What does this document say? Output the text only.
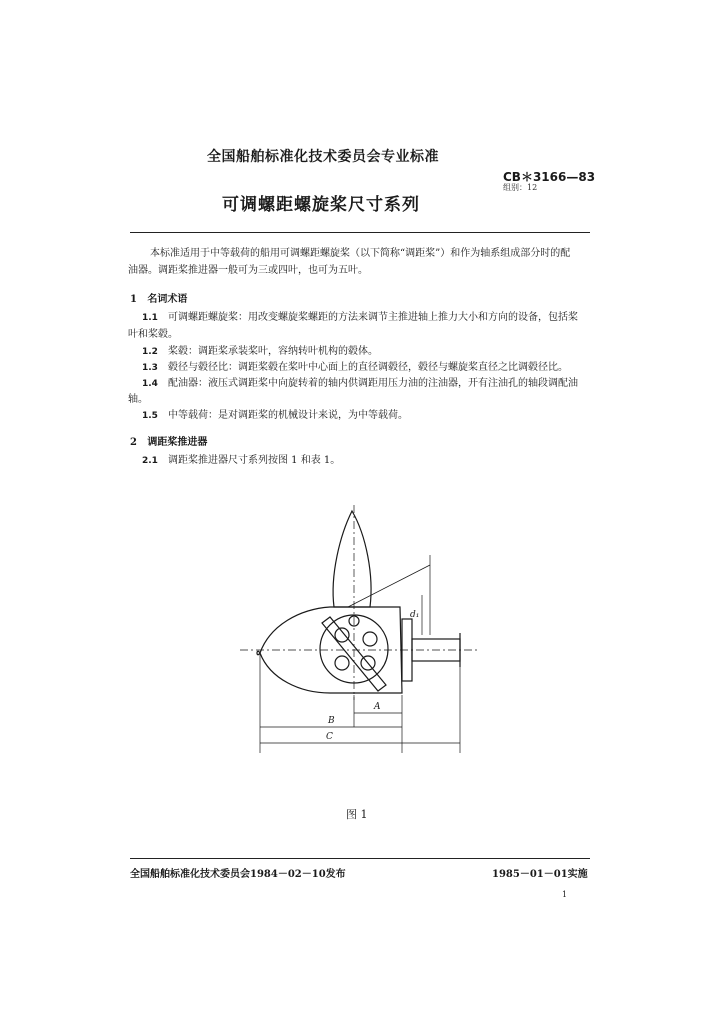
全国船舶标准化技术委员会专业标准
CB＊3166—83
组别：12
可调螺距螺旋桨尺寸系列
本标准适用于中等载荷的船用可调螺距螺旋桨（以下简称“调距桨”）和作为轴系组成部分时的配
油器。调距桨推进器一般可为三或四叶，也可为五叶。
1 名词术语
1.1 可调螺距螺旋桨：用改变螺旋桨螺距的方法来调节主推进轴上推力大小和方向的设备，包括桨
叶和桨毂。
1.2 桨毂：调距桨承装桨叶，容纳转叶机构的毂体。
1.3 毂径与毂径比：调距桨毂在桨叶中心面上的直径调毂径，毂径与螺旋桨直径之比调毂径比。
1.4 配油器：液压式调距桨中向旋转着的轴内供调距用压力油的注油器，开有注油孔的轴段调配油
轴。
1.5 中等载荷：是对调距桨的机械设计来说，为中等载荷。
2 调距桨推进器
2.1 调距桨推进器尺寸系列按图 1 和表 1。
A
B
C
d₁
图 1
全国船舶标准化技术委员会1984－02－10发布	1985－01－01实施
1
